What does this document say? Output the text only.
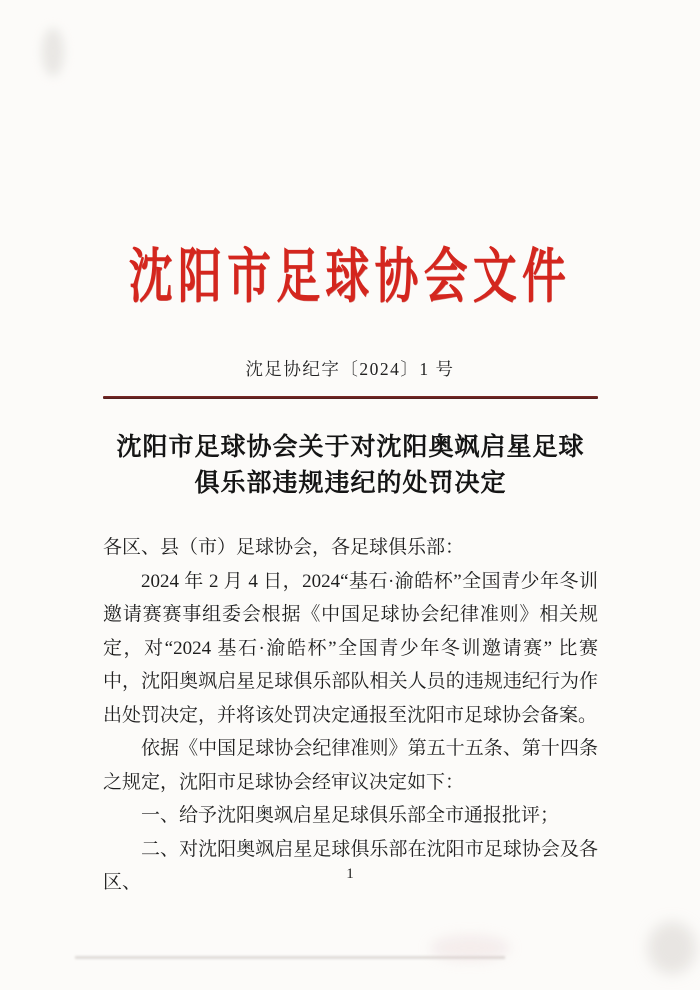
沈阳市足球协会文件
沈足协纪字〔2024〕1 号
沈阳市足球协会关于对沈阳奥飒启星足球
俱乐部违规违纪的处罚决定

各区、县（市）足球协会，各足球俱乐部：

2024 年 2 月 4 日，2024“基石·渝皓杯”全国青少年冬训邀请赛赛事组委会根据《中国足球协会纪律准则》相关规定，对“2024 基石·渝皓杯”全国青少年冬训邀请赛” 比赛中，沈阳奥飒启星足球俱乐部队相关人员的违规违纪行为作出处罚决定，并将该处罚决定通报至沈阳市足球协会备案。

依据《中国足球协会纪律准则》第五十五条、第十四条之规定，沈阳市足球协会经审议决定如下：

一、给予沈阳奥飒启星足球俱乐部全市通报批评；

二、对沈阳奥飒启星足球俱乐部在沈阳市足球协会及各区、	1
